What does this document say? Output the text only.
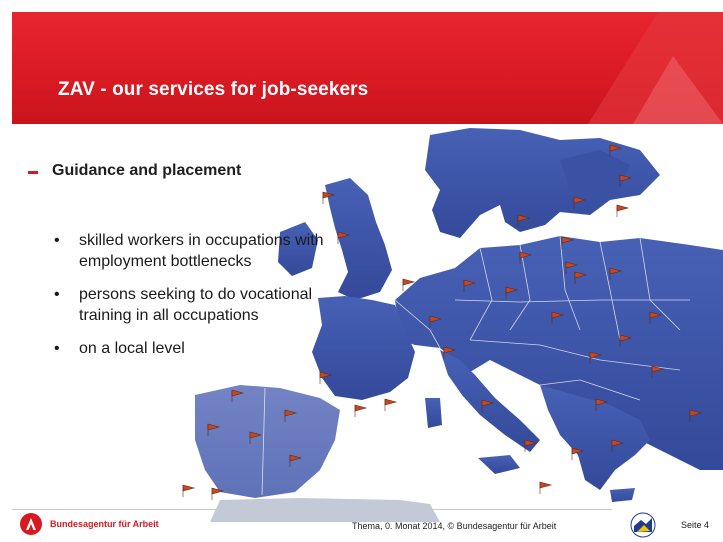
ZAV - our services for job-seekers
Guidance and placement
• skilled workers in occupations with employment bottlenecks
• persons seeking to do vocational training in all occupations
• on a local level
Bundesagentur für Arbeit	Thema, 0. Monat 2014, © Bundesagentur für Arbeit	Seite 4
